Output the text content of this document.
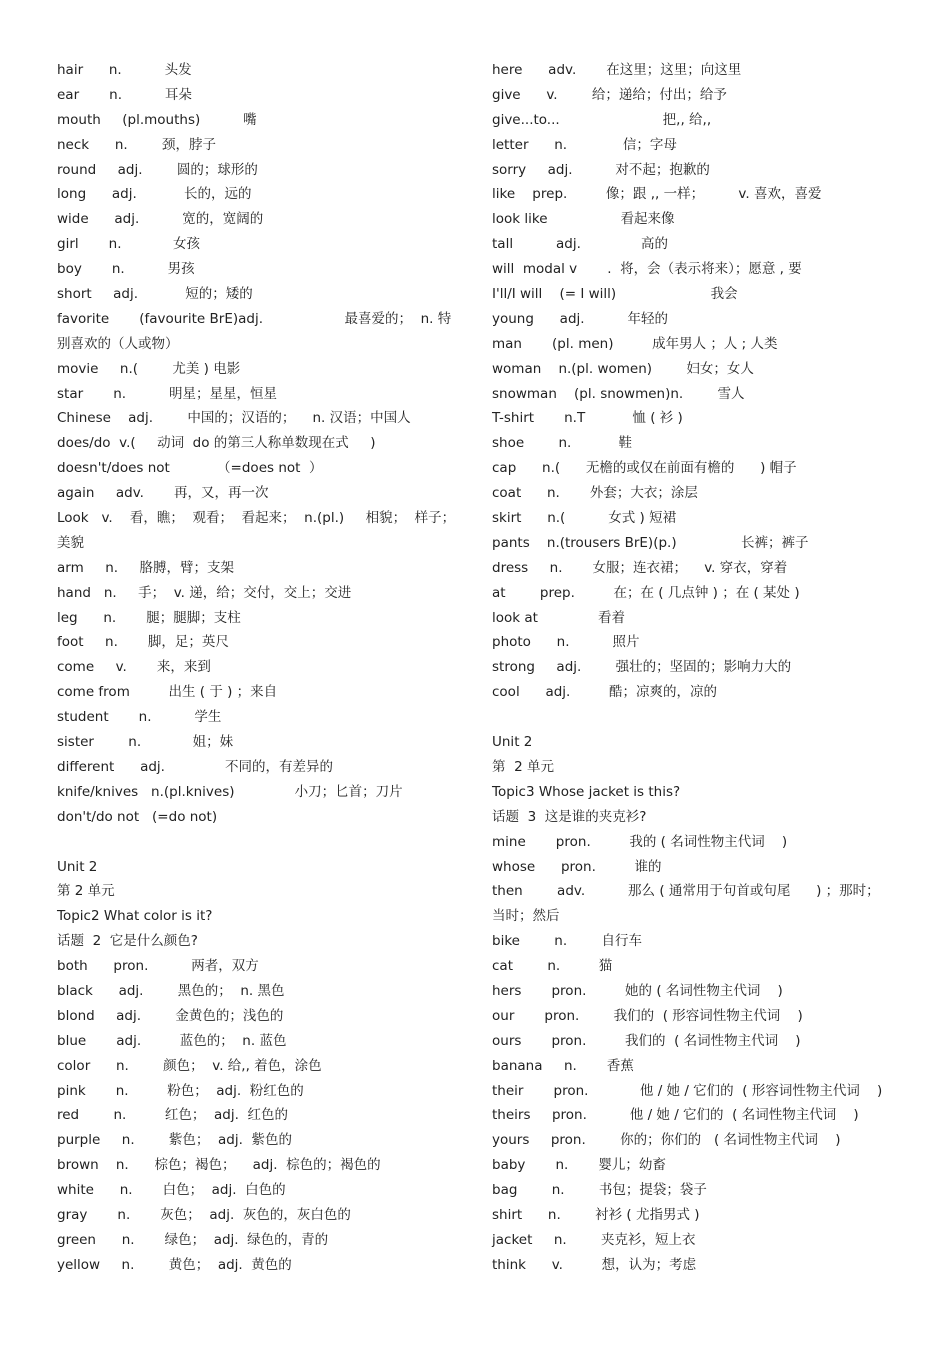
hair      n.          头发
ear       n.          耳朵
mouth     (pl.mouths)          嘴
neck      n.        颈，脖子
round     adj.        圆的；球形的
long      adj.           长的，远的
wide      adj.          宽的，宽阔的
girl       n.            女孩
boy       n.          男孩
short     adj.           短的；矮的
favorite       (favourite BrE)adj.                   最喜爱的；  n. 特
别喜欢的（人或物）
movie     n.(        尤美 ) 电影
star       n.          明星；星星，恒星
Chinese    adj.        中国的；汉语的；    n. 汉语；中国人
does/do  v.(     动词  do 的第三人称单数现在式     )
doesn't/does not           （=does not  ）
again     adv.       再，又，再一次
Look   v.    看，瞧；  观看；  看起来；  n.(pl.)     相貌；  样子；
美貌
arm     n.     胳膊，臂；支架
hand   n.     手；  v. 递，给；交付，交上；交进
leg      n.       腿；腿脚；支柱
foot     n.       脚，足；英尺
come     v.       来，来到
come from         出生 ( 于 ) ；来自
student       n.          学生
sister        n.            姐；妹
different      adj.              不同的，有差异的
knife/knives   n.(pl.knives)              小刀；匕首；刀片
don't/do not   (=do not)
Unit 2
第 2 单元
Topic2 What color is it?
话题  2  它是什么颜色?
both      pron.          两者，双方
black      adj.        黑色的；  n. 黑色
blond     adj.        金黄色的；浅色的
blue       adj.         蓝色的；  n. 蓝色
color      n.        颜色；  v. 给,, 着色，涂色
pink       n.         粉色；  adj.  粉红色的
red        n.         红色；  adj.  红色的
purple     n.        紫色；  adj.  紫色的
brown    n.      棕色；褐色；    adj.  棕色的；褐色的
white      n.       白色；  adj.  白色的
gray       n.       灰色；  adj.  灰色的，灰白色的
green      n.       绿色；  adj.  绿色的，青的
yellow     n.        黄色；  adj.  黄色的
here      adv.       在这里；这里；向这里
give      v.        给；递给；付出；给予
give...to...                        把,, 给,,
letter      n.             信；字母
sorry     adj.          对不起；抱歉的
like    prep.         像；跟 ,, 一样；        v. 喜欢，喜爱
look like                 看起来像
tall          adj.              高的
will  modal v       .  将，会（表示将来）；愿意 , 要
I'll/I will    (= I will)                      我会
young      adj.          年轻的
man       (pl. men)         成年男人 ；人 ; 人类
woman    n.(pl. women)        妇女；女人
snowman    (pl. snowmen)n.        雪人
T-shirt       n.T           恤 ( 衫 )
shoe        n.           鞋
cap      n.(      无檐的或仅在前面有檐的      ) 帽子
coat      n.       外套；大衣；涂层
skirt      n.(          女式 ) 短裙
pants    n.(trousers BrE)(p.)               长裤；裤子
dress     n.       女服；连衣裙；    v. 穿衣，穿着
at        prep.         在；在 ( 几点钟 ) ；在 ( 某处 )
look at              看着
photo      n.          照片
strong     adj.        强壮的；坚固的；影响力大的
cool      adj.         酷；凉爽的，凉的
Unit 2
第  2 单元
Topic3 Whose jacket is this?
话题  3  这是谁的夹克衫?
mine       pron.         我的 ( 名词性物主代词    )
whose      pron.         谁的
then        adv.          那么 ( 通常用于句首或句尾      ) ；那时；
当时；然后
bike        n.        自行车
cat        n.         猫
hers       pron.         她的 ( 名词性物主代词    )
our       pron.        我们的  ( 形容词性物主代词    )
ours       pron.         我们的  ( 名词性物主代词    )
banana     n.       香蕉
their       pron.            他 / 她 / 它们的  ( 形容词性物主代词    )
theirs     pron.          他 / 她 / 它们的  ( 名词性物主代词    )
yours     pron.        你的；你们的   ( 名词性物主代词    )
baby       n.       婴儿；幼畜
bag        n.        书包；提袋；袋子
shirt      n.        衬衫 ( 尤指男式 )
jacket     n.        夹克衫，短上衣
think      v.         想，认为；考虑
